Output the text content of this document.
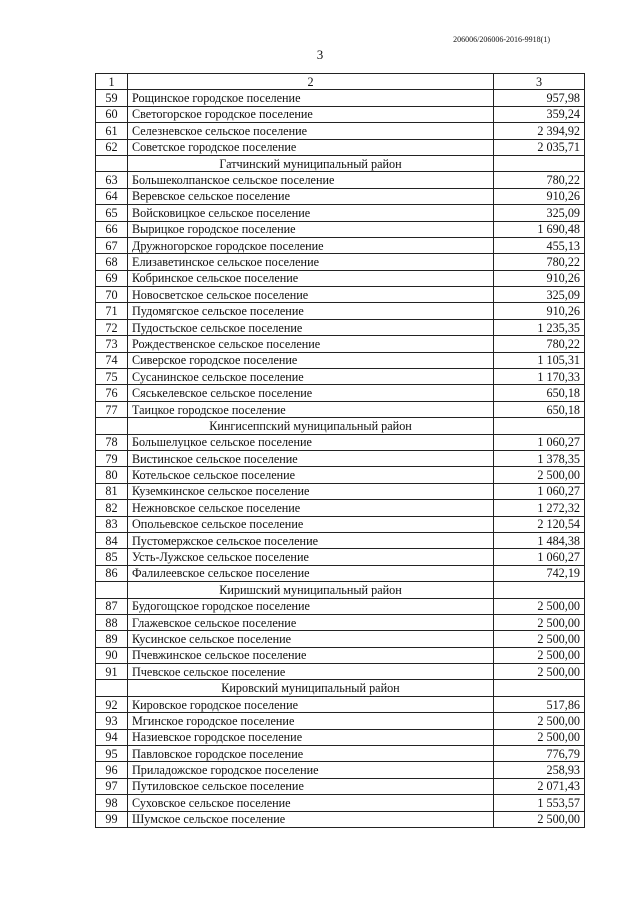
206006/206006-2016-9918(1)
3
1	2	3
59	Рощинское городское поселение	957,98
60	Светогорское городское поселение	359,24
61	Селезневское сельское поселение	2 394,92
62	Советское городское поселение	2 035,71
	Гатчинский муниципальный район	
63	Большеколпанское сельское поселение	780,22
64	Веревское сельское поселение	910,26
65	Войсковицкое сельское поселение	325,09
66	Вырицкое городское поселение	1 690,48
67	Дружногорское городское поселение	455,13
68	Елизаветинское сельское поселение	780,22
69	Кобринское сельское поселение	910,26
70	Новосветское сельское поселение	325,09
71	Пудомягское сельское поселение	910,26
72	Пудостьское сельское поселение	1 235,35
73	Рождественское сельское поселение	780,22
74	Сиверское городское поселение	1 105,31
75	Сусанинское сельское поселение	1 170,33
76	Сяськелевское сельское поселение	650,18
77	Таицкое городское поселение	650,18
	Кингисеппский муниципальный район	
78	Большелуцкое сельское поселение	1 060,27
79	Вистинское сельское поселение	1 378,35
80	Котельское сельское поселение	2 500,00
81	Куземкинское сельское поселение	1 060,27
82	Нежновское сельское поселение	1 272,32
83	Опольевское сельское поселение	2 120,54
84	Пустомержское сельское поселение	1 484,38
85	Усть-Лужское сельское поселение	1 060,27
86	Фалилеевское сельское поселение	742,19
	Киришский муниципальный район	
87	Будогощское городское поселение	2 500,00
88	Глажевское сельское поселение	2 500,00
89	Кусинское сельское поселение	2 500,00
90	Пчевжинское сельское поселение	2 500,00
91	Пчевское сельское поселение	2 500,00
	Кировский муниципальный район	
92	Кировское городское поселение	517,86
93	Мгинское городское поселение	2 500,00
94	Назиевское городское поселение	2 500,00
95	Павловское городское поселение	776,79
96	Приладожское городское поселение	258,93
97	Путиловское сельское поселение	2 071,43
98	Суховское сельское поселение	1 553,57
99	Шумское сельское поселение	2 500,00
